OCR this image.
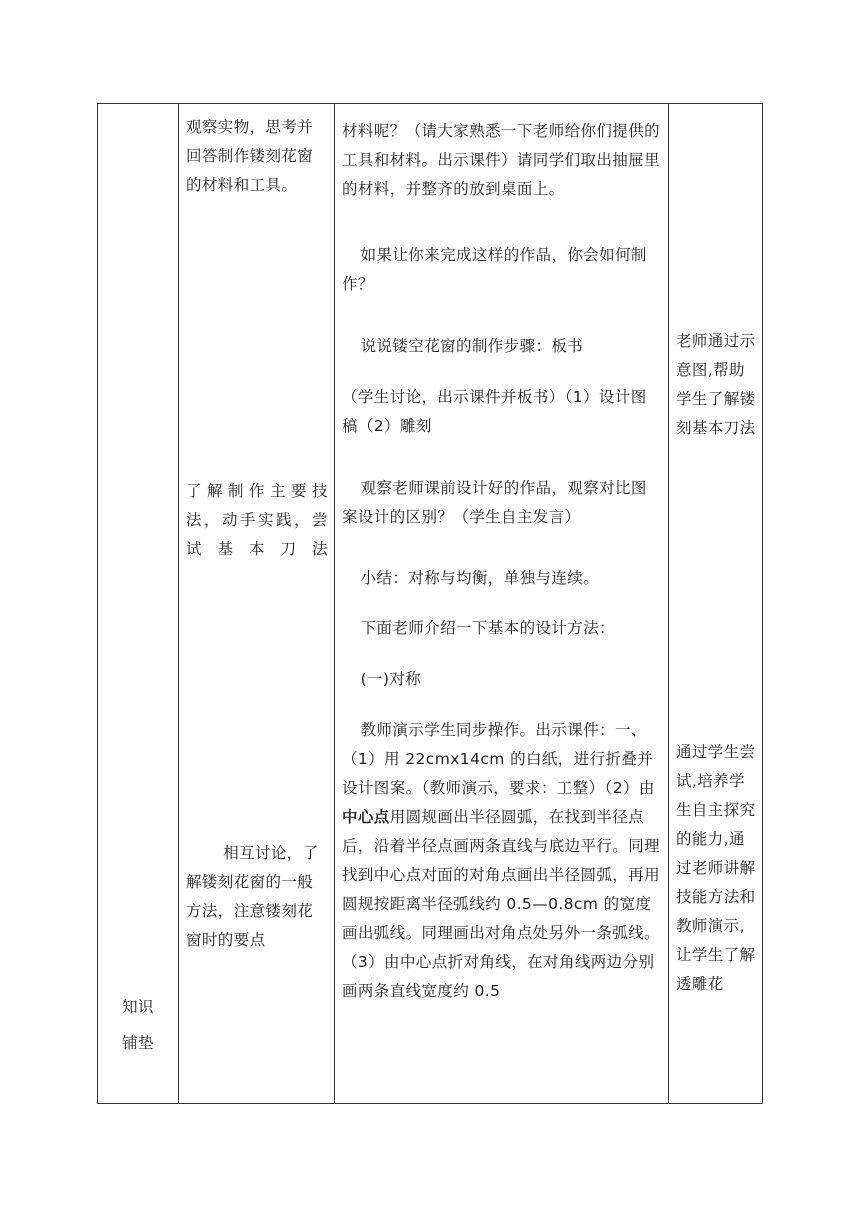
知识

铺垫

观察实物，思考并回答制作镂刻花窗的材料和工具。
了解制作主要技法，动手实践，尝试基本刀法
相互讨论，了解镂刻花窗的一般方法，注意镂刻花窗时的要点
材料呢？（请大家熟悉一下老师给你们提供的工具和材料。出示课件）请同学们取出抽屉里的材料，并整齐的放到桌面上。
如果让你来完成这样的作品，你会如何制作？
说说镂空花窗的制作步骤：板书
（学生讨论，出示课件并板书）（1）设计图稿（2）雕刻
观察老师课前设计好的作品，观察对比图案设计的区别？（学生自主发言）
小结：对称与均衡，单独与连续。
下面老师介绍一下基本的设计方法：
(一)对称
教师演示学生同步操作。出示课件：一、（1）用 22cmx14cm 的白纸，进行折叠并设计图案。（教师演示，要求：工整）（2）由中心点用圆规画出半径圆弧，在找到半径点后，沿着半径点画两条直线与底边平行。同理找到中心点对面的对角点画出半径圆弧，再用圆规按距离半径弧线约 0.5—0.8cm 的宽度画出弧线。同理画出对角点处另外一条弧线。（3）由中心点折对角线，在对角线两边分别画两条直线宽度约 0.5
老师通过示意图,帮助学生了解镂刻基本刀法
通过学生尝试,培养学生自主探究的能力,通过老师讲解技能方法和教师演示,让学生了解透雕花
